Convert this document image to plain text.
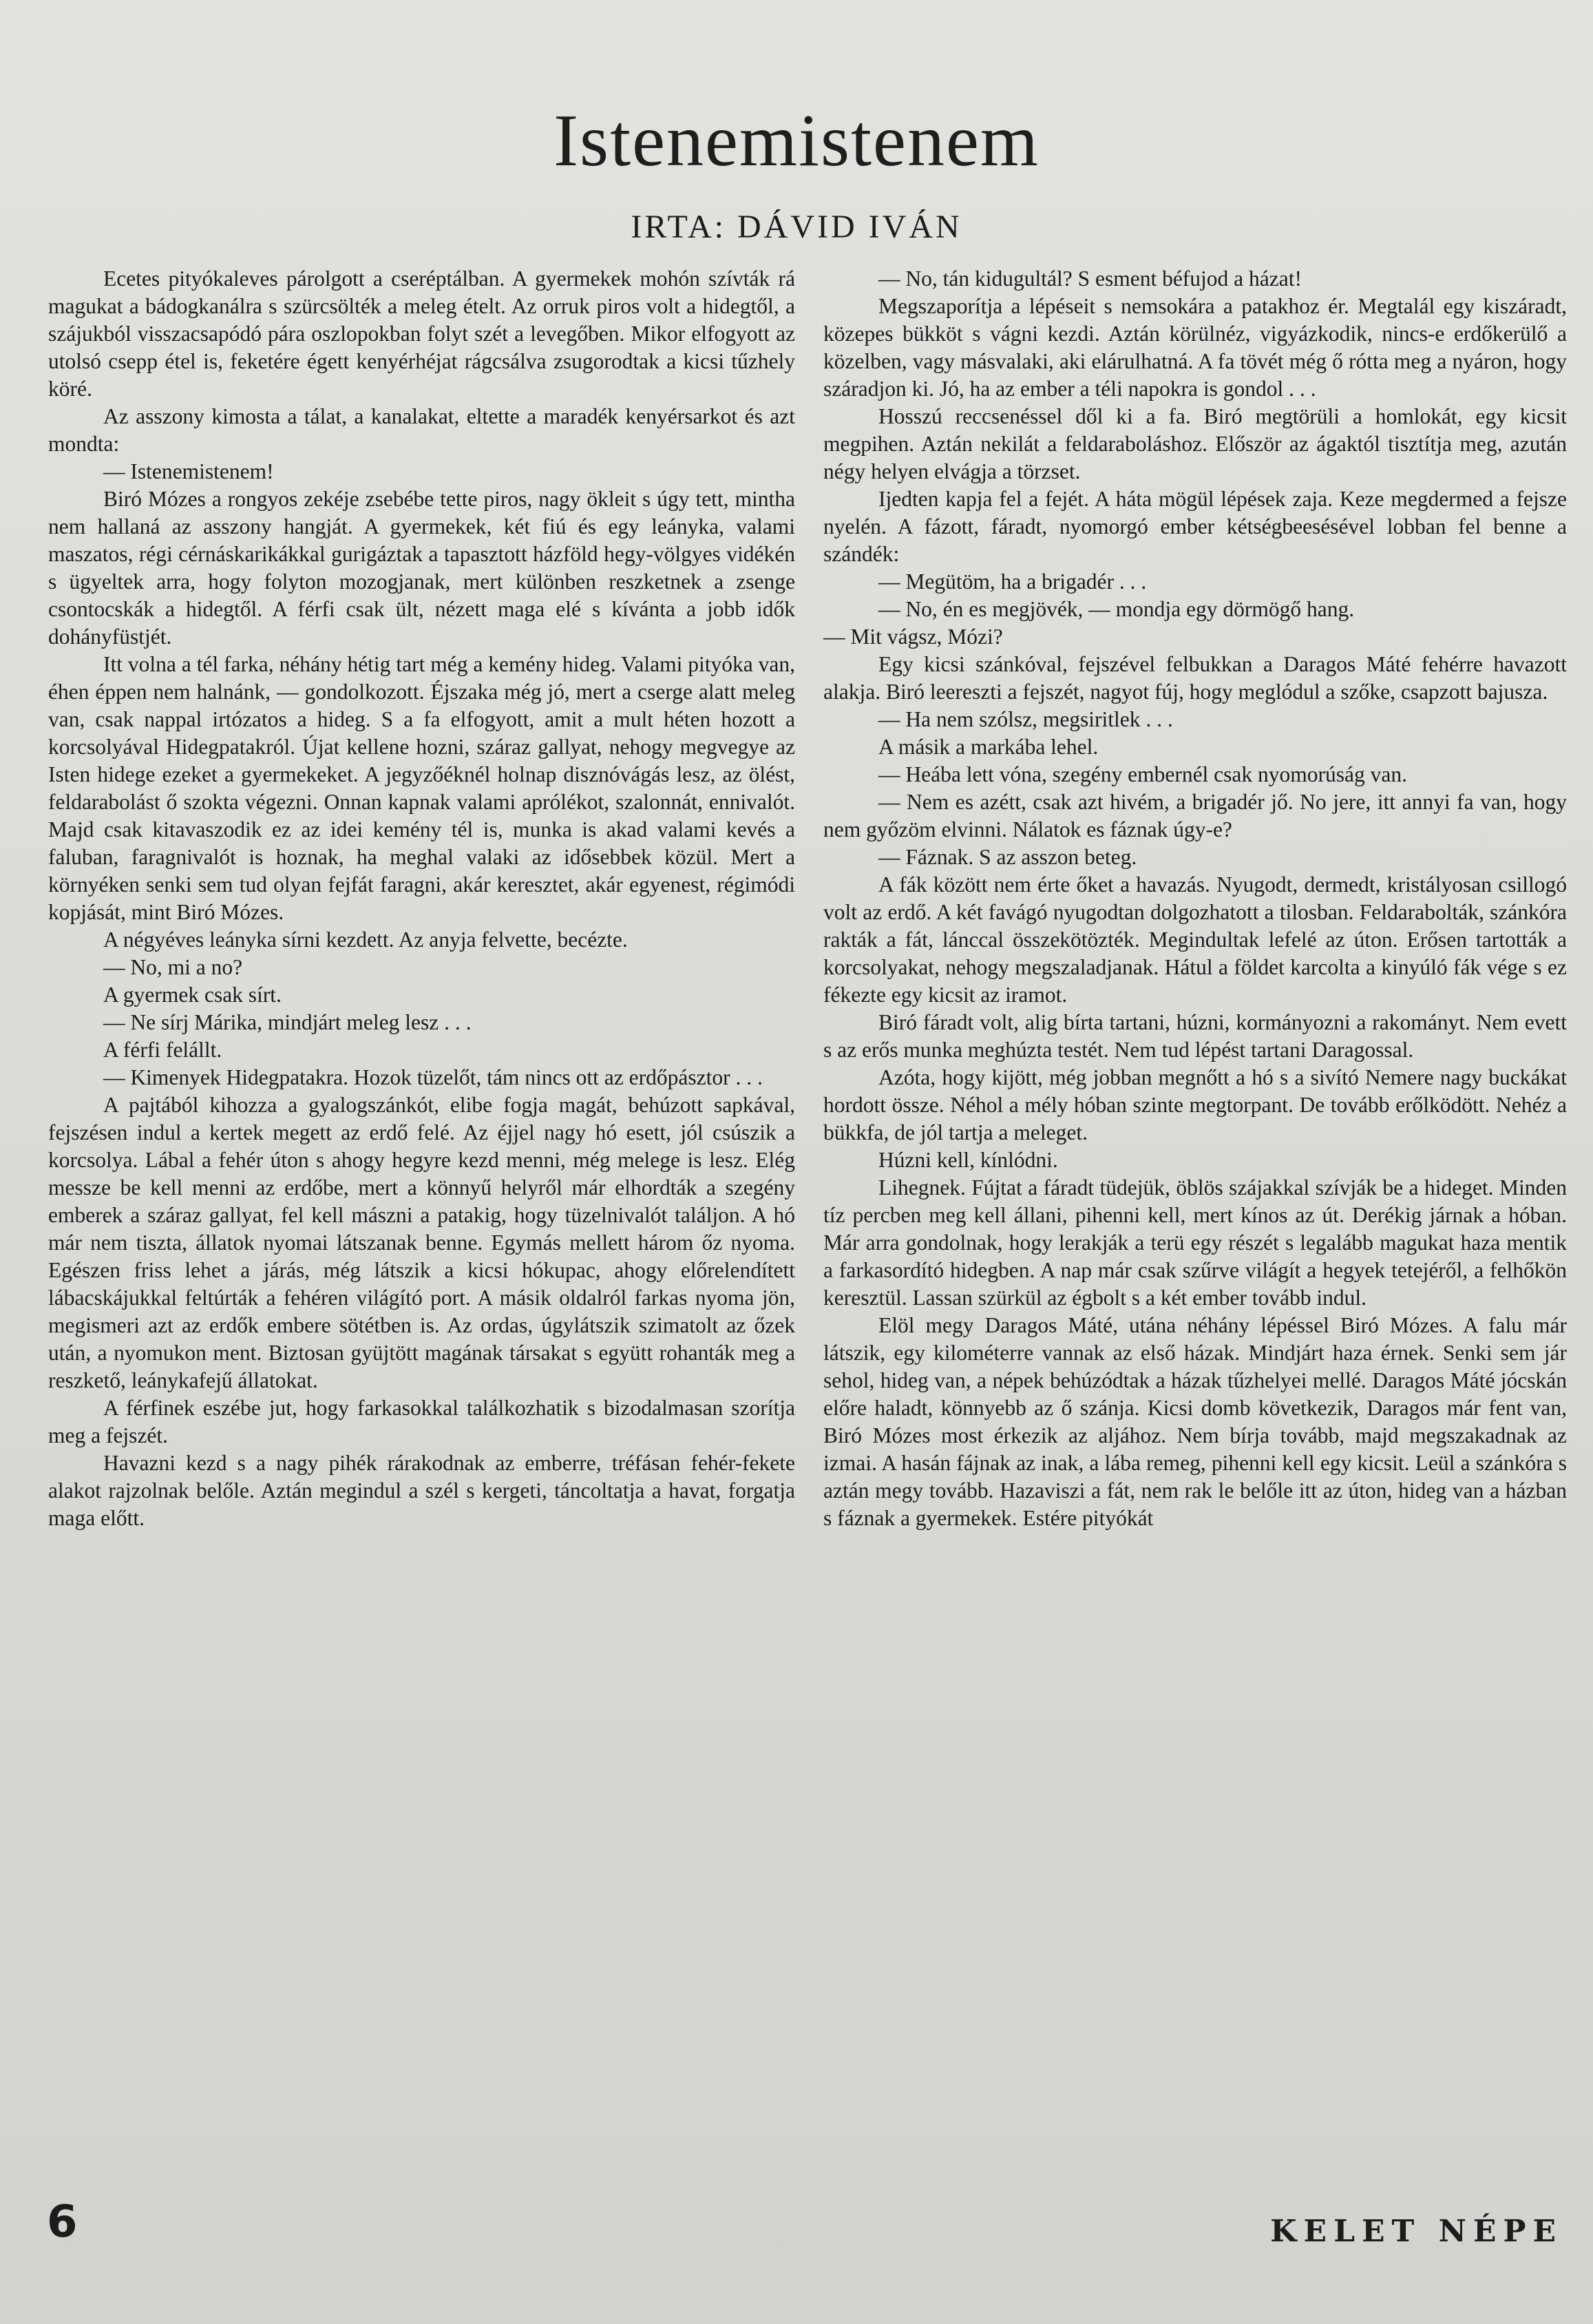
Istenemistenem
IRTA: DÁVID IVÁN

Ecetes pityókaleves párolgott a cseréptálban. A gyermekek mohón szívták rá magukat a bádogkanálra s szürcsölték a meleg ételt. Az orruk piros volt a hidegtől, a szájukból visszacsapódó pára oszlopokban folyt szét a levegőben. Mikor elfogyott az utolsó csepp étel is, feketére égett kenyérhéjat rágcsálva zsugorodtak a kicsi tűzhely köré.

Az asszony kimosta a tálat, a kanalakat, eltette a maradék kenyérsarkot és azt mondta:

— Istenemistenem!

Biró Mózes a rongyos zekéje zsebébe tette piros, nagy ökleit s úgy tett, mintha nem hallaná az asszony hangját. A gyermekek, két fiú és egy leányka, valami maszatos, régi cérnáskarikákkal gurigáztak a tapasztott házföld hegy-völgyes vidékén s ügyeltek arra, hogy folyton mozogjanak, mert különben reszketnek a zsenge csontocskák a hidegtől. A férfi csak ült, nézett maga elé s kívánta a jobb idők dohányfüstjét.

Itt volna a tél farka, néhány hétig tart még a kemény hideg. Valami pityóka van, éhen éppen nem halnánk, — gondolkozott. Éjszaka még jó, mert a cserge alatt meleg van, csak nappal irtózatos a hideg. S a fa elfogyott, amit a mult héten hozott a korcsolyával Hidegpatakról. Újat kellene hozni, száraz gallyat, nehogy megvegye az Isten hidege ezeket a gyermekeket. A jegyzőéknél holnap disznóvágás lesz, az ölést, feldarabolást ő szokta végezni. Onnan kapnak valami aprólékot, szalonnát, ennivalót. Majd csak kitavaszodik ez az idei kemény tél is, munka is akad valami kevés a faluban, faragnivalót is hoznak, ha meghal valaki az idősebbek közül. Mert a környéken senki sem tud olyan fejfát faragni, akár keresztet, akár egyenest, régimódi kopjását, mint Biró Mózes.

A négyéves leányka sírni kezdett. Az anyja felvette, becézte.

— No, mi a no?

A gyermek csak sírt.

— Ne sírj Márika, mindjárt meleg lesz . . .

A férfi felállt.

— Kimenyek Hidegpatakra. Hozok tüzelőt, tám nincs ott az erdőpásztor . . .

A pajtából kihozza a gyalogszánkót, elibe fogja magát, behúzott sapkával, fejszésen indul a kertek megett az erdő felé. Az éjjel nagy hó esett, jól csúszik a korcsolya. Lábal a fehér úton s ahogy hegyre kezd menni, még melege is lesz. Elég messze be kell menni az erdőbe, mert a könnyű helyről már elhordták a szegény emberek a száraz gallyat, fel kell mászni a patakig, hogy tüzelnivalót találjon. A hó már nem tiszta, állatok nyomai látszanak benne. Egymás mellett három őz nyoma. Egészen friss lehet a járás, még látszik a kicsi hókupac, ahogy előrelendített lábacskájukkal feltúrták a fehéren világító port. A másik oldalról farkas nyoma jön, megismeri azt az erdők embere sötétben is. Az ordas, úgylátszik szimatolt az őzek után, a nyomukon ment. Biztosan gyüjtött magának társakat s együtt rohanták meg a reszkető, leánykafejű állatokat.

A férfinek eszébe jut, hogy farkasokkal találkozhatik s bizodalmasan szorítja meg a fejszét.

Havazni kezd s a nagy pihék rárakodnak az emberre, tréfásan fehér-fekete alakot rajzolnak belőle. Aztán megindul a szél s kergeti, táncoltatja a havat, forgatja maga előtt.

— No, tán kidugultál? S esment béfujod a házat!

Megszaporítja a lépéseit s nemsokára a patakhoz ér. Megtalál egy kiszáradt, közepes bükköt s vágni kezdi. Aztán körülnéz, vigyázkodik, nincs-e erdőkerülő a közelben, vagy másvalaki, aki elárulhatná. A fa tövét még ő rótta meg a nyáron, hogy száradjon ki. Jó, ha az ember a téli napokra is gondol . . .

Hosszú reccsenéssel dől ki a fa. Biró megtörüli a homlokát, egy kicsit megpihen. Aztán nekilát a feldaraboláshoz. Először az ágaktól tisztítja meg, azután négy helyen elvágja a törzset.

Ijedten kapja fel a fejét. A háta mögül lépések zaja. Keze megdermed a fejsze nyelén. A fázott, fáradt, nyomorgó ember kétségbeesésével lobban fel benne a szándék:

— Megütöm, ha a brigadér . . .

— No, én es megjövék, — mondja egy dörmögő hang.

— Mit vágsz, Mózi?

Egy kicsi szánkóval, fejszével felbukkan a Daragos Máté fehérre havazott alakja. Biró leereszti a fejszét, nagyot fúj, hogy meglódul a szőke, csapzott bajusza.

— Ha nem szólsz, megsiritlek . . .

A másik a markába lehel.

— Heába lett vóna, szegény embernél csak nyomorúság van.

— Nem es azétt, csak azt hivém, a brigadér jő. No jere, itt annyi fa van, hogy nem győzöm elvinni. Nálatok es fáznak úgy-e?

— Fáznak. S az asszon beteg.

A fák között nem érte őket a havazás. Nyugodt, dermedt, kristályosan csillogó volt az erdő. A két favágó nyugodtan dolgozhatott a tilosban. Feldarabolták, szánkóra rakták a fát, lánccal összekötözték. Megindultak lefelé az úton. Erősen tartották a korcsolyakat, nehogy megszaladjanak. Hátul a földet karcolta a kinyúló fák vége s ez fékezte egy kicsit az iramot.

Biró fáradt volt, alig bírta tartani, húzni, kormányozni a rakományt. Nem evett s az erős munka meghúzta testét. Nem tud lépést tartani Daragossal.

Azóta, hogy kijött, még jobban megnőtt a hó s a sivító Nemere nagy buckákat hordott össze. Néhol a mély hóban szinte megtorpant. De tovább erőlködött. Nehéz a bükkfa, de jól tartja a meleget.

Húzni kell, kínlódni.

Lihegnek. Fújtat a fáradt tüdejük, öblös szájakkal szívják be a hideget. Minden tíz percben meg kell állani, pihenni kell, mert kínos az út. Derékig járnak a hóban. Már arra gondolnak, hogy lerakják a terü egy részét s legalább magukat haza mentik a farkasordító hidegben. A nap már csak szűrve világít a hegyek tetejéről, a felhőkön keresztül. Lassan szürkül az égbolt s a két ember tovább indul.

Elöl megy Daragos Máté, utána néhány lépéssel Biró Mózes. A falu már látszik, egy kilométerre vannak az első házak. Mindjárt haza érnek. Senki sem jár sehol, hideg van, a népek behúzódtak a házak tűzhelyei mellé. Daragos Máté jócskán előre haladt, könnyebb az ő szánja. Kicsi domb következik, Daragos már fent van, Biró Mózes most érkezik az aljához. Nem bírja tovább, majd megszakadnak az izmai. A hasán fájnak az inak, a lába remeg, pihenni kell egy kicsit. Leül a szánkóra s aztán megy tovább. Hazaviszi a fát, nem rak le belőle itt az úton, hideg van a házban s fáznak a gyermekek. Estére pityókát

6	KELET NÉPE
